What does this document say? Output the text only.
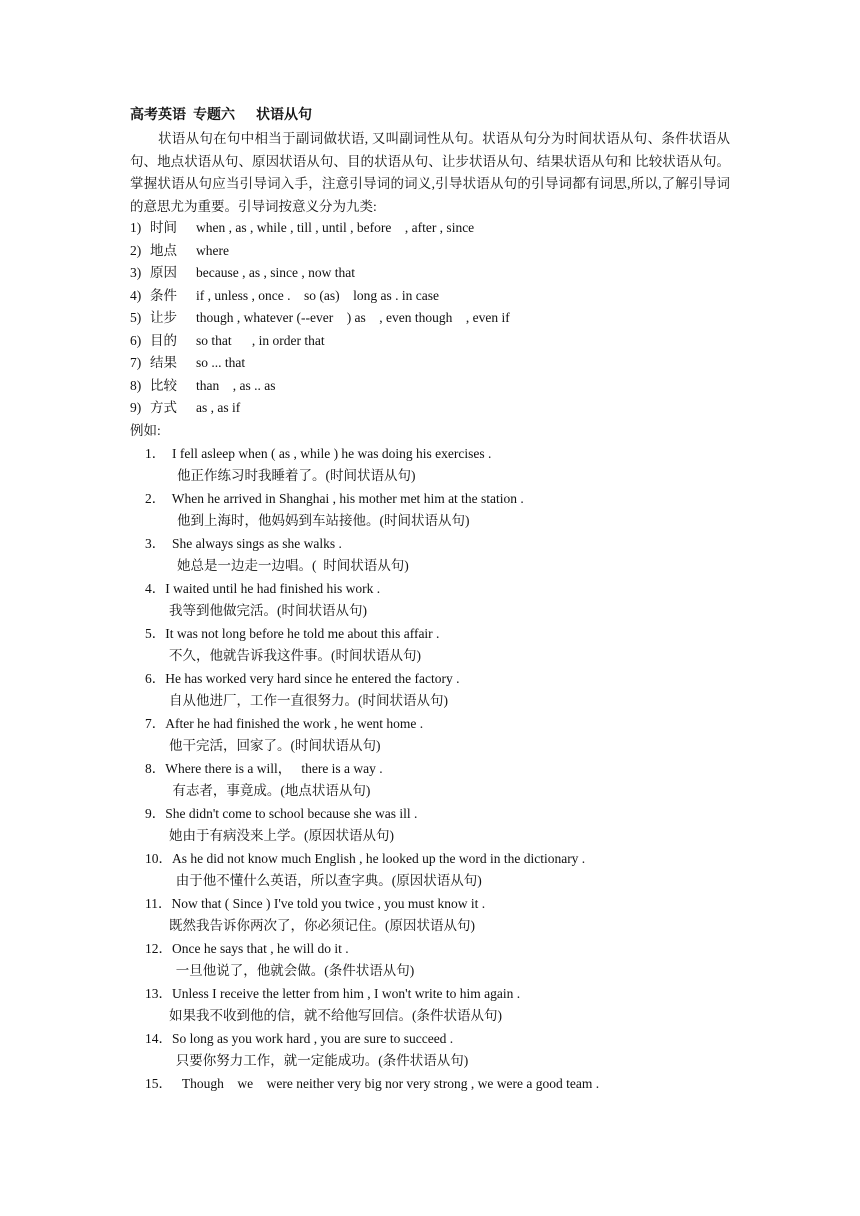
高考英语  专题六      状语从句
状语从句在句中相当于副词做状语, 又叫副词性从句。状语从句分为时间状语从句、条件状语从句、地点状语从句、原因状语从句、目的状语从句、让步状语从句、结果状语从句和 比较状语从句。掌握状语从句应当引导词入手，注意引导词的词义,引导状语从句的引导词都有词思,所以,了解引导词的意思尤为重要。引导词按意义分为九类:
1) 时间 when , as , while , till , until , before    , after , since
2) 地点 where
3) 原因 because , as , since , now that
4) 条件 if , unless , once .    so (as)    long as . in case
5) 让步 though , whatever (--ever    ) as    , even though    , even if
6) 目的 so that      , in order that
7) 结果 so ... that
8) 比较 than    , as .. as
9) 方式 as , as if
例如:
1．  I fell asleep when ( as , while ) he was doing his exercises .
他正作练习时我睡着了。(时间状语从句)
2．  When he arrived in Shanghai , his mother met him at the station .
他到上海时，他妈妈到车站接他。(时间状语从句)
3．  She always sings as she walks .
她总是一边走一边唱。(  时间状语从句)
4．I waited until he had finished his work .
我等到他做完活。(时间状语从句)
5．It was not long before he told me about this affair .
不久，他就告诉我这件事。(时间状语从句)
6．He has worked very hard since he entered the factory .
自从他进厂，工作一直很努力。(时间状语从句)
7．After he had finished the work , he went home .
他干完活，回家了。(时间状语从句)
8．Where there is a will，   there is a way .
有志者，事竟成。(地点状语从句)
9．She didn't come to school because she was ill .
她由于有病没来上学。(原因状语从句)
10．As he did not know much English , he looked up the word in the dictionary .
由于他不懂什么英语，所以查字典。(原因状语从句)
11．Now that ( Since ) I've told you twice , you must know it .
既然我告诉你两次了，你必须记住。(原因状语从句)
12．Once he says that , he will do it .
一旦他说了，他就会做。(条件状语从句)
13．Unless I receive the letter from him , I won't write to him again .
如果我不收到他的信，就不给他写回信。(条件状语从句)
14．So long as you work hard , you are sure to succeed .
只要你努力工作，就一定能成功。(条件状语从句)
15．   Though    we    were neither very big nor very strong , we were a good team .
